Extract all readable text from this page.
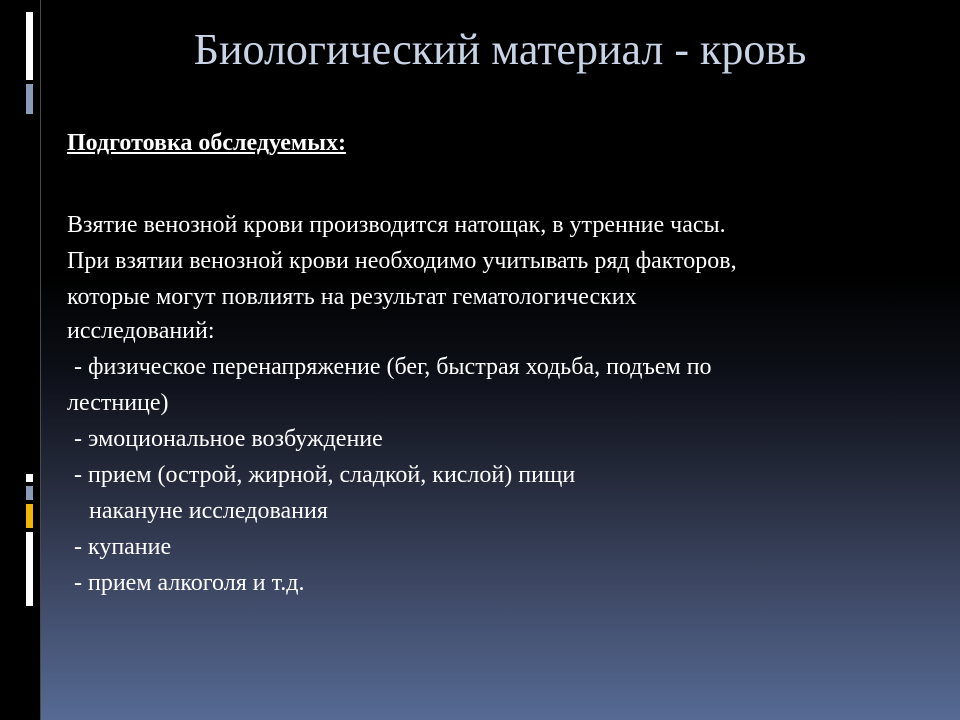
Биологический материал - кровь
Подготовка обследуемых:
Взятие венозной крови производится натощак, в утренние часы.
При взятии венозной крови необходимо учитывать ряд факторов,
которые могут повлиять на результат гематологических
исследований:
- физическое перенапряжение (бег, быстрая ходьба, подъем по
лестнице)
- эмоциональное возбуждение
- прием (острой, жирной, сладкой, кислой) пищи
накануне исследования
- купание
- прием алкоголя и т.д.
